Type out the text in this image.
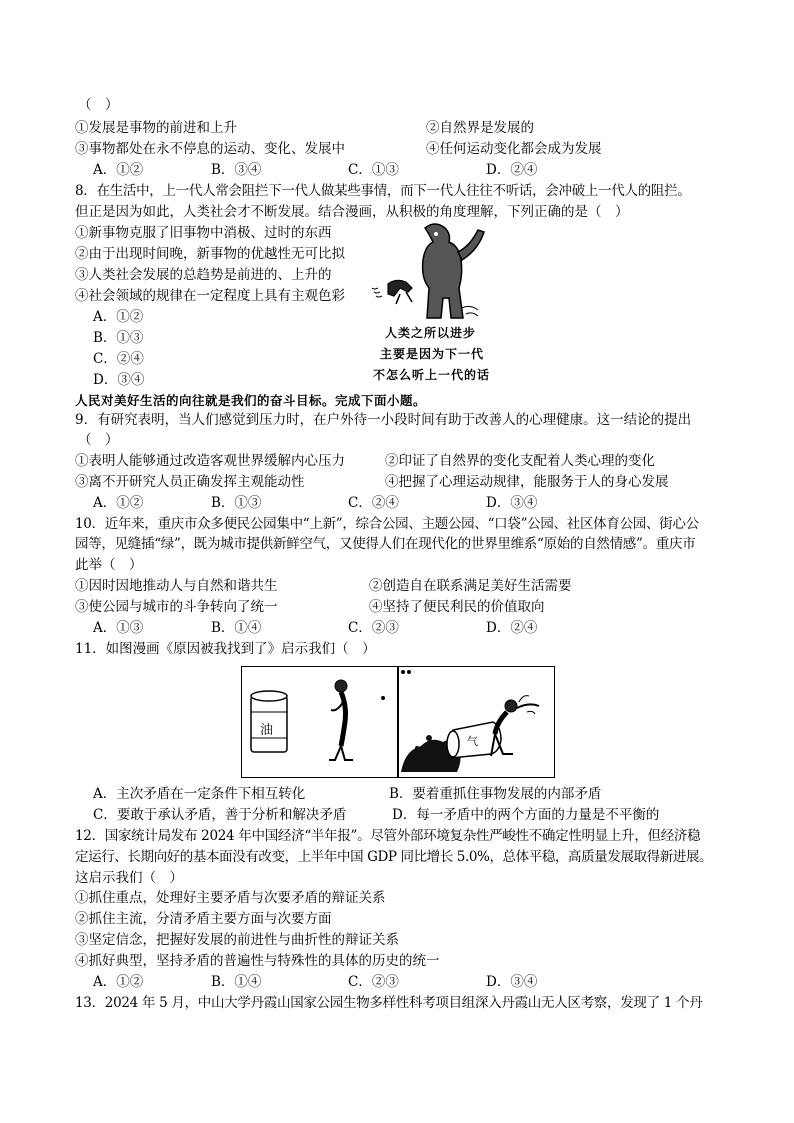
（　）
①发展是事物的前进和上升	②自然界是发展的
③事物都处在永不停息的运动、变化、发展中	④任何运动变化都会成为发展
A．①②	B．③④	C．①③	D．②④
8．在生活中，上一代人常会阻拦下一代人做某些事情，而下一代人往往不听话，会冲破上一代人的阻拦。
但正是因为如此，人类社会才不断发展。结合漫画，从积极的角度理解，下列正确的是（　）
①新事物克服了旧事物中消极、过时的东西
②由于出现时间晚，新事物的优越性无可比拟
③人类社会发展的总趋势是前进的、上升的
④社会领域的规律在一定程度上具有主观色彩
A．①②
B．①③
C．②④
D．③④
人类之所以进步
主要是因为下一代
不怎么听上一代的话
人民对美好生活的向往就是我们的奋斗目标。完成下面小题。
9．有研究表明，当人们感觉到压力时，在户外待一小段时间有助于改善人的心理健康。这一结论的提出
（　）
①表明人能够通过改造客观世界缓解内心压力	②印证了自然界的变化支配着人类心理的变化
③离不开研究人员正确发挥主观能动性	④把握了心理运动规律，能服务于人的身心发展
A．①②	B．①③	C．②④	D．③④
10．近年来，重庆市众多便民公园集中“上新”，综合公园、主题公园、“口袋”公园、社区体育公园、街心公
园等，见缝插“绿”，既为城市提供新鲜空气，又使得人们在现代化的世界里维系“原始的自然情感”。重庆市
此举（　）
①因时因地推动人与自然和谐共生	②创造自在联系满足美好生活需要
③使公园与城市的斗争转向了统一	④坚持了便民利民的价值取向
A．①③	B．①④	C．②③	D．②④
11．如图漫画《原因被我找到了》启示我们（　）
油
气
A．主次矛盾在一定条件下相互转化	B．要着重抓住事物发展的内部矛盾
C．要敢于承认矛盾，善于分析和解决矛盾	D．每一矛盾中的两个方面的力量是不平衡的
12．国家统计局发布 2024 年中国经济“半年报”。尽管外部环境复杂性严峻性不确定性明显上升，但经济稳
定运行、长期向好的基本面没有改变，上半年中国 GDP 同比增长 5.0%，总体平稳，高质量发展取得新进展。
这启示我们（　）
①抓住重点，处理好主要矛盾与次要矛盾的辩证关系
②抓住主流，分清矛盾主要方面与次要方面
③坚定信念，把握好发展的前进性与曲折性的辩证关系
④抓好典型，坚持矛盾的普遍性与特殊性的具体的历史的统一
A．①②	B．①④	C．②③	D．③④
13．2024 年 5 月，中山大学丹霞山国家公园生物多样性科考项目组深入丹霞山无人区考察，发现了 1 个丹
